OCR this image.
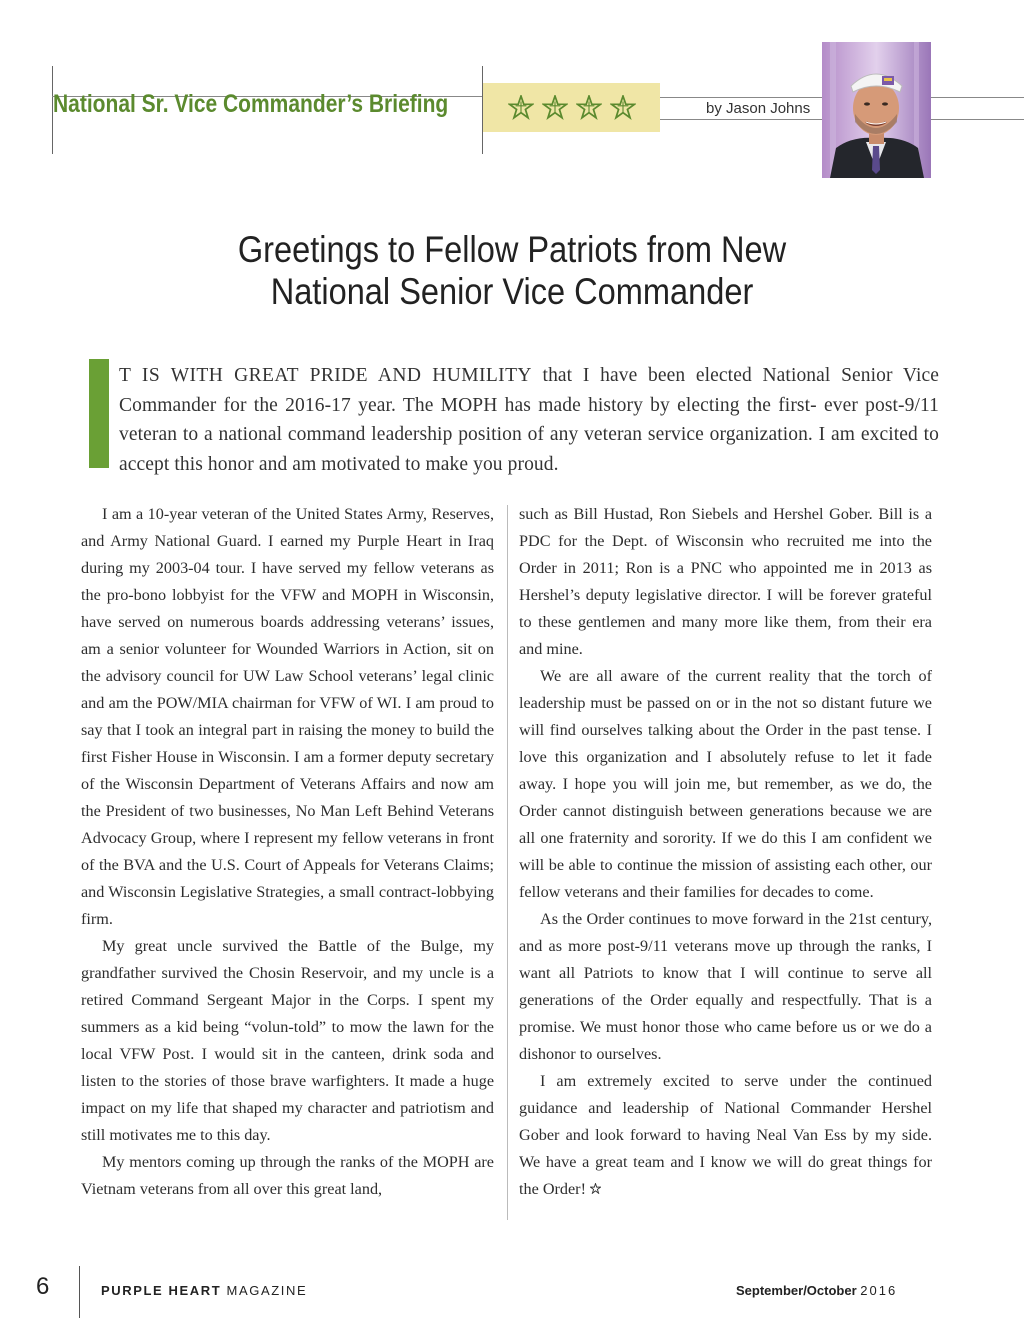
National Sr. Vice Commander’s Briefing	by Jason Johns
Greetings to Fellow Patriots from New
National Senior Vice Commander
T IS WITH GREAT PRIDE AND HUMILITY that I have been elected National Senior Vice Commander for the 2016-17 year. The MOPH has made history by electing the first- ever post-9/11 veteran to a national command leadership position of any veteran service organization. I am excited to accept this honor and am motivated to make you proud.

I am a 10-year veteran of the United States Army, Reserves, and Army National Guard. I earned my Purple Heart in Iraq during my 2003-04 tour. I have served my fellow veterans as the pro-bono lobbyist for the VFW and MOPH in Wisconsin, have served on numerous boards addressing veterans’ issues, am a senior volunteer for Wounded Warriors in Action, sit on the advisory council for UW Law School veterans’ legal clinic and am the POW/MIA chairman for VFW of WI. I am proud to say that I took an integral part in raising the money to build the first Fisher House in Wisconsin. I am a former deputy secretary of the Wisconsin Department of Veterans Affairs and now am the President of two businesses, No Man Left Behind Veterans Advocacy Group, where I represent my fellow veterans in front of the BVA and the U.S. Court of Appeals for Veterans Claims; and Wisconsin Legislative Strategies, a small contract-lobbying firm.

My great uncle survived the Battle of the Bulge, my grandfather survived the Chosin Reservoir, and my uncle is a retired Command Sergeant Major in the Corps. I spent my summers as a kid being “volun-told” to mow the lawn for the local VFW Post. I would sit in the canteen, drink soda and listen to the stories of those brave warfighters. It made a huge impact on my life that shaped my character and patriotism and still motivates me to this day.

My mentors coming up through the ranks of the MOPH are Vietnam veterans from all over this great land,

such as Bill Hustad, Ron Siebels and Hershel Gober. Bill is a PDC for the Dept. of Wisconsin who recruited me into the Order in 2011; Ron is a PNC who appointed me in 2013 as Hershel’s deputy legislative director. I will be forever grateful to these gentlemen and many more like them, from their era and mine.

We are all aware of the current reality that the torch of leadership must be passed on or in the not so distant future we will find ourselves talking about the Order in the past tense. I love this organization and I absolutely refuse to let it fade away. I hope you will join me, but remember, as we do, the Order cannot distinguish between generations because we are all one fraternity and sorority. If we do this I am confident we will be able to continue the mission of assisting each other, our fellow veterans and their families for decades to come.

As the Order continues to move forward in the 21st century, and as more post-9/11 veterans move up through the ranks, I want all Patriots to know that I will continue to serve all generations of the Order equally and respectfully. That is a promise. We must honor those who came before us or we do a dishonor to ourselves.

I am extremely excited to serve under the continued guidance and leadership of National Commander Hershel Gober and look forward to having Neal Van Ess by my side. We have a great team and I know we will do great things for the Order!

6	PURPLE HEART MAGAZINE	September/October 2016
